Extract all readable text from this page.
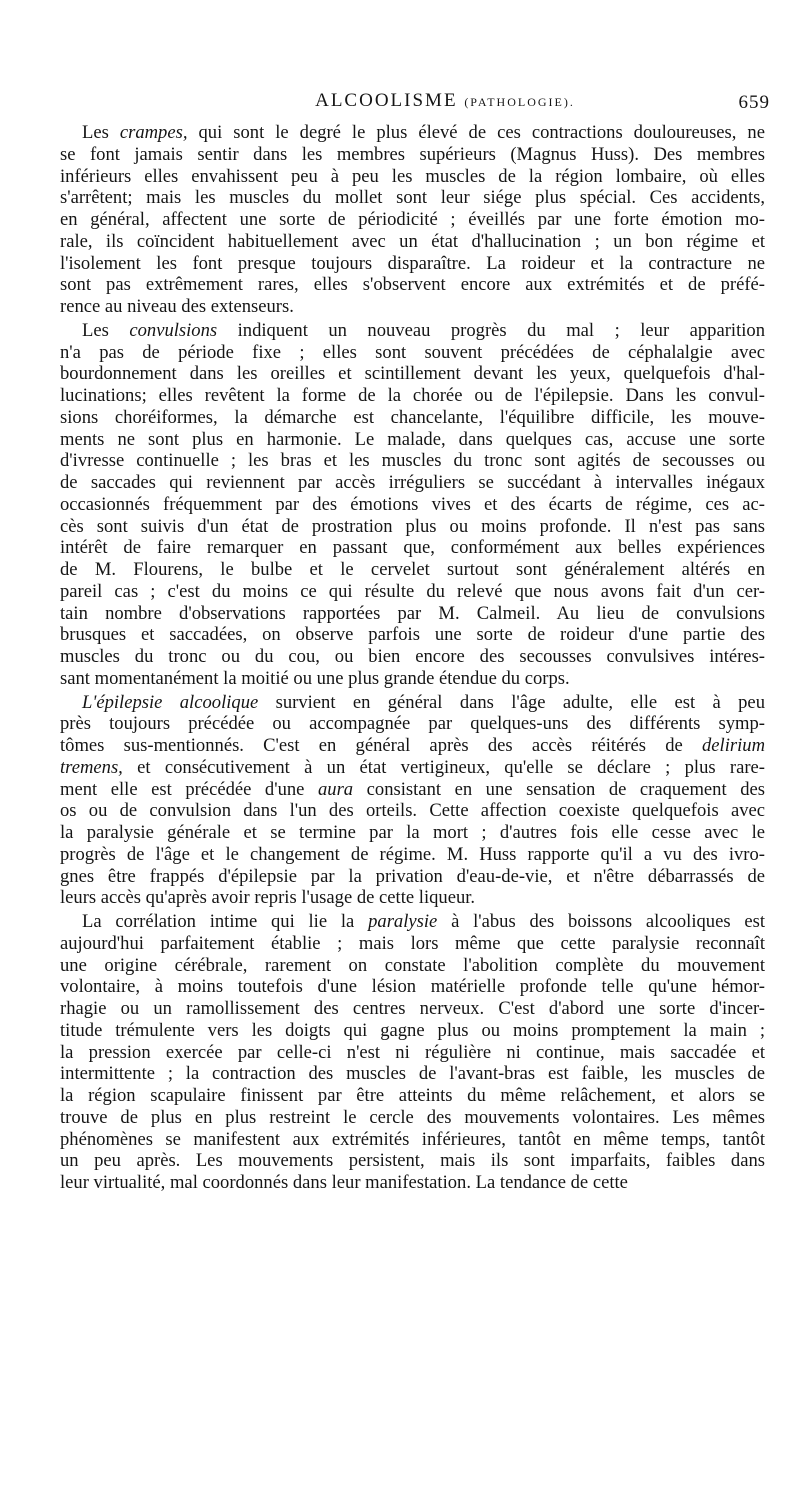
ALCOOLISME (PATHOLOGIE).	659
Les crampes, qui sont le degré le plus élevé de ces contractions douloureuses, ne
se font jamais sentir dans les membres supérieurs (Magnus Huss). Des membres
inférieurs elles envahissent peu à peu les muscles de la région lombaire, où elles
s'arrêtent; mais les muscles du mollet sont leur siége plus spécial. Ces accidents,
en général, affectent une sorte de périodicité ; éveillés par une forte émotion mo-
rale, ils coïncident habituellement avec un état d'hallucination ; un bon régime et
l'isolement les font presque toujours disparaître. La roideur et la contracture ne
sont pas extrêmement rares, elles s'observent encore aux extrémités et de préfé-
rence au niveau des extenseurs.
Les convulsions indiquent un nouveau progrès du mal ; leur apparition
n'a pas de période fixe ; elles sont souvent précédées de céphalalgie avec
bourdonnement dans les oreilles et scintillement devant les yeux, quelquefois d'hal-
lucinations; elles revêtent la forme de la chorée ou de l'épilepsie. Dans les convul-
sions choréiformes, la démarche est chancelante, l'équilibre difficile, les mouve-
ments ne sont plus en harmonie. Le malade, dans quelques cas, accuse une sorte
d'ivresse continuelle ; les bras et les muscles du tronc sont agités de secousses ou
de saccades qui reviennent par accès irréguliers se succédant à intervalles inégaux
occasionnés fréquemment par des émotions vives et des écarts de régime, ces ac-
cès sont suivis d'un état de prostration plus ou moins profonde. Il n'est pas sans
intérêt de faire remarquer en passant que, conformément aux belles expériences
de M. Flourens, le bulbe et le cervelet surtout sont généralement altérés en
pareil cas ; c'est du moins ce qui résulte du relevé que nous avons fait d'un cer-
tain nombre d'observations rapportées par M. Calmeil. Au lieu de convulsions
brusques et saccadées, on observe parfois une sorte de roideur d'une partie des
muscles du tronc ou du cou, ou bien encore des secousses convulsives intéres-
sant momentanément la moitié ou une plus grande étendue du corps.
L'épilepsie alcoolique survient en général dans l'âge adulte, elle est à peu
près toujours précédée ou accompagnée par quelques-uns des différents symp-
tômes sus-mentionnés. C'est en général après des accès réitérés de delirium
tremens, et consécutivement à un état vertigineux, qu'elle se déclare ; plus rare-
ment elle est précédée d'une aura consistant en une sensation de craquement des
os ou de convulsion dans l'un des orteils. Cette affection coexiste quelquefois avec
la paralysie générale et se termine par la mort ; d'autres fois elle cesse avec le
progrès de l'âge et le changement de régime. M. Huss rapporte qu'il a vu des ivro-
gnes être frappés d'épilepsie par la privation d'eau-de-vie, et n'être débarrassés de
leurs accès qu'après avoir repris l'usage de cette liqueur.
La corrélation intime qui lie la paralysie à l'abus des boissons alcooliques est
aujourd'hui parfaitement établie ; mais lors même que cette paralysie reconnaît
une origine cérébrale, rarement on constate l'abolition complète du mouvement
volontaire, à moins toutefois d'une lésion matérielle profonde telle qu'une hémor-
rhagie ou un ramollissement des centres nerveux. C'est d'abord une sorte d'incer-
titude trémulente vers les doigts qui gagne plus ou moins promptement la main ;
la pression exercée par celle-ci n'est ni régulière ni continue, mais saccadée et
intermittente ; la contraction des muscles de l'avant-bras est faible, les muscles de
la région scapulaire finissent par être atteints du même relâchement, et alors se
trouve de plus en plus restreint le cercle des mouvements volontaires. Les mêmes
phénomènes se manifestent aux extrémités inférieures, tantôt en même temps, tantôt
un peu après. Les mouvements persistent, mais ils sont imparfaits, faibles dans
leur virtualité, mal coordonnés dans leur manifestation. La tendance de cette
